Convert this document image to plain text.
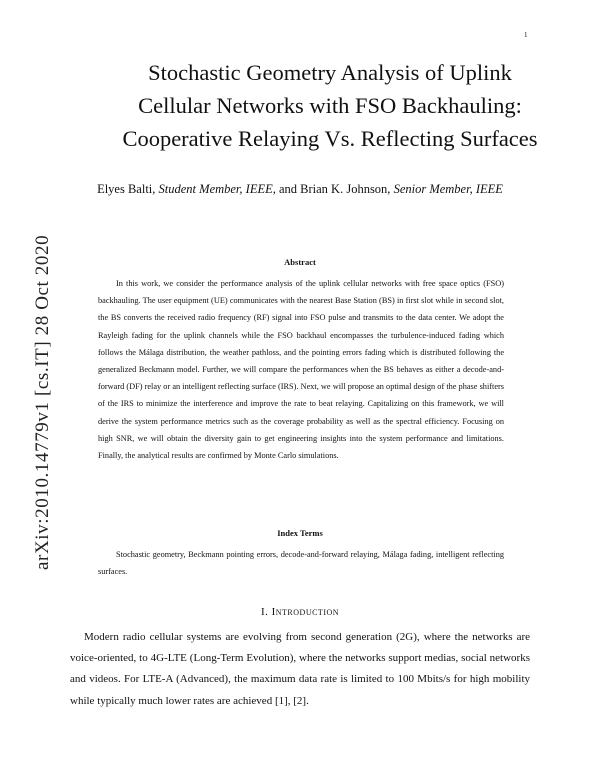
1
arXiv:2010.14779v1 [cs.IT] 28 Oct 2020
Stochastic Geometry Analysis of Uplink
Cellular Networks with FSO Backhauling:
Cooperative Relaying Vs. Reflecting Surfaces
Elyes Balti, Student Member, IEEE, and Brian K. Johnson, Senior Member, IEEE
Abstract

In this work, we consider the performance analysis of the uplink cellular networks with free space optics (FSO) backhauling. The user equipment (UE) communicates with the nearest Base Station (BS) in first slot while in second slot, the BS converts the received radio frequency (RF) signal into FSO pulse and transmits to the data center. We adopt the Rayleigh fading for the uplink channels while the FSO backhaul encompasses the turbulence-induced fading which follows the Málaga distribution, the weather pathloss, and the pointing errors fading which is distributed following the generalized Beckmann model. Further, we will compare the performances when the BS behaves as either a decode-and-forward (DF) relay or an intelligent reflecting surface (IRS). Next, we will propose an optimal design of the phase shifters of the IRS to minimize the interference and improve the rate to beat relaying. Capitalizing on this framework, we will derive the system performance metrics such as the coverage probability as well as the spectral efficiency. Focusing on high SNR, we will obtain the diversity gain to get engineering insights into the system performance and limitations. Finally, the analytical results are confirmed by Monte Carlo simulations.

Index Terms

Stochastic geometry, Beckmann pointing errors, decode-and-forward relaying, Málaga fading, intelligent reflecting surfaces.

I. Introduction

Modern radio cellular systems are evolving from second generation (2G), where the networks are voice-oriented, to 4G-LTE (Long-Term Evolution), where the networks support medias, social networks and videos. For LTE-A (Advanced), the maximum data rate is limited to 100 Mbits/s for high mobility while typically much lower rates are achieved [1], [2].
